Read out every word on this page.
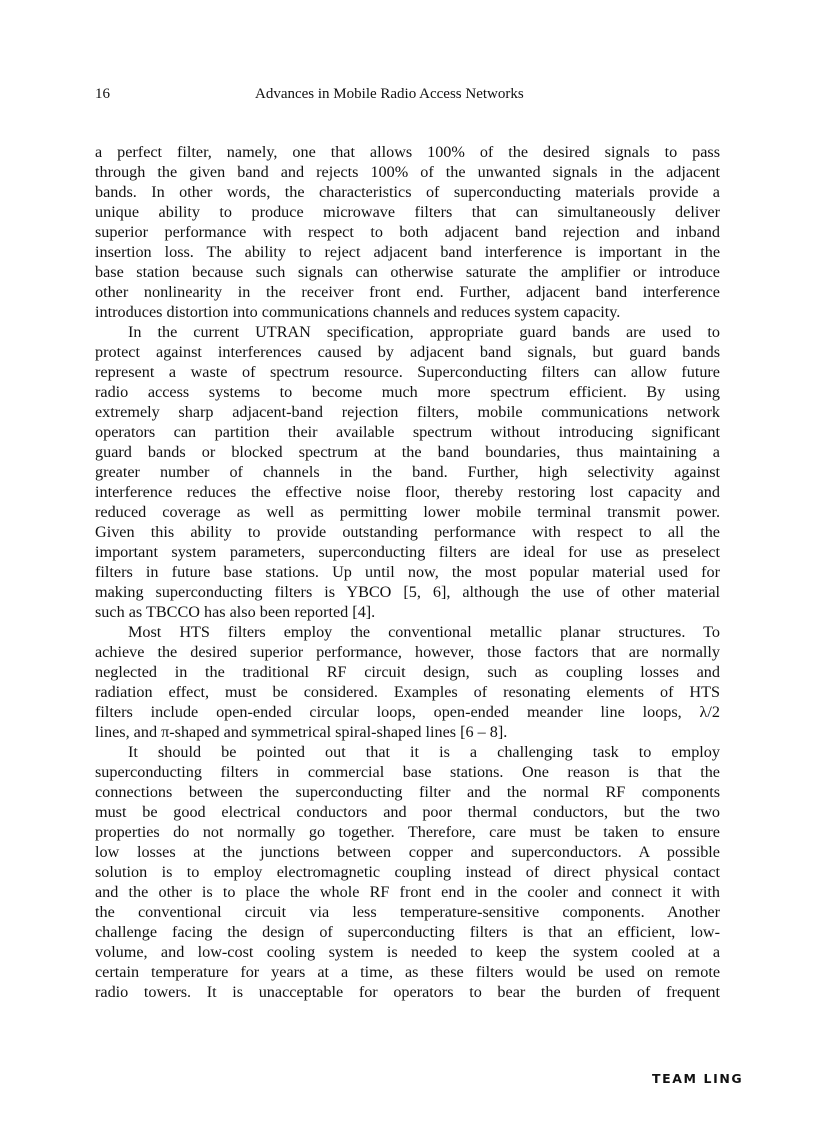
16	Advances in Mobile Radio Access Networks
a perfect filter, namely, one that allows 100% of the desired signals to pass
through the given band and rejects 100% of the unwanted signals in the adjacent
bands. In other words, the characteristics of superconducting materials provide a
unique ability to produce microwave filters that can simultaneously deliver
superior performance with respect to both adjacent band rejection and inband
insertion loss. The ability to reject adjacent band interference is important in the
base station because such signals can otherwise saturate the amplifier or introduce
other nonlinearity in the receiver front end. Further, adjacent band interference
introduces distortion into communications channels and reduces system capacity.
In the current UTRAN specification, appropriate guard bands are used to
protect against interferences caused by adjacent band signals, but guard bands
represent a waste of spectrum resource. Superconducting filters can allow future
radio access systems to become much more spectrum efficient. By using
extremely sharp adjacent-band rejection filters, mobile communications network
operators can partition their available spectrum without introducing significant
guard bands or blocked spectrum at the band boundaries, thus maintaining a
greater number of channels in the band. Further, high selectivity against
interference reduces the effective noise floor, thereby restoring lost capacity and
reduced coverage as well as permitting lower mobile terminal transmit power.
Given this ability to provide outstanding performance with respect to all the
important system parameters, superconducting filters are ideal for use as preselect
filters in future base stations. Up until now, the most popular material used for
making superconducting filters is YBCO [5, 6], although the use of other material
such as TBCCO has also been reported [4].
Most HTS filters employ the conventional metallic planar structures. To
achieve the desired superior performance, however, those factors that are normally
neglected in the traditional RF circuit design, such as coupling losses and
radiation effect, must be considered. Examples of resonating elements of HTS
filters include open-ended circular loops, open-ended meander line loops, λ/2
lines, and π-shaped and symmetrical spiral-shaped lines [6 – 8].
It should be pointed out that it is a challenging task to employ
superconducting filters in commercial base stations. One reason is that the
connections between the superconducting filter and the normal RF components
must be good electrical conductors and poor thermal conductors, but the two
properties do not normally go together. Therefore, care must be taken to ensure
low losses at the junctions between copper and superconductors. A possible
solution is to employ electromagnetic coupling instead of direct physical contact
and the other is to place the whole RF front end in the cooler and connect it with
the conventional circuit via less temperature-sensitive components. Another
challenge facing the design of superconducting filters is that an efficient, low-
volume, and low-cost cooling system is needed to keep the system cooled at a
certain temperature for years at a time, as these filters would be used on remote
radio towers. It is unacceptable for operators to bear the burden of frequent
TEAM LING
